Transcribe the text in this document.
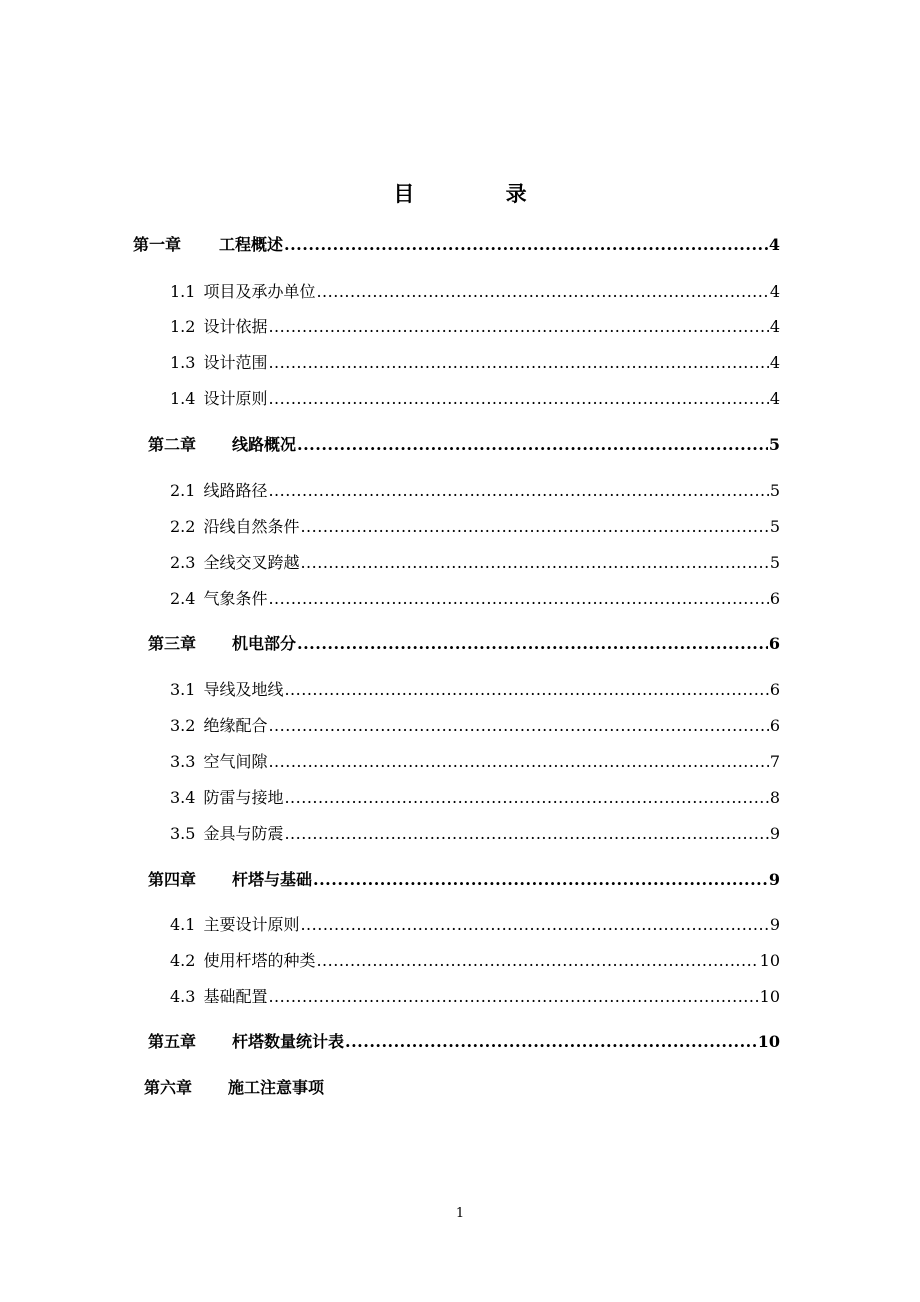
目 录
第一章 工程概述 .....	4
1.1 项目及承办单位 .....	4
1.2 设计依据 .....	4
1.3 设计范围 .....	4
1.4 设计原则 .....	4
第二章 线路概况 .....	5
2.1 线路路径 .....	5
2.2 沿线自然条件 .....	5
2.3 全线交叉跨越 .....	5
2.4 气象条件 .....	6
第三章 机电部分 .....	6
3.1 导线及地线 .....	6
3.2 绝缘配合 .....	6
3.3 空气间隙 .....	7
3.4 防雷与接地 .....	8
3.5 金具与防震 .....	9
第四章 杆塔与基础 .....	9
4.1 主要设计原则 .....	9
4.2 使用杆塔的种类 .....	10
4.3 基础配置 .....	10
第五章 杆塔数量统计表 .....	10
第六章 施工注意事项
1
